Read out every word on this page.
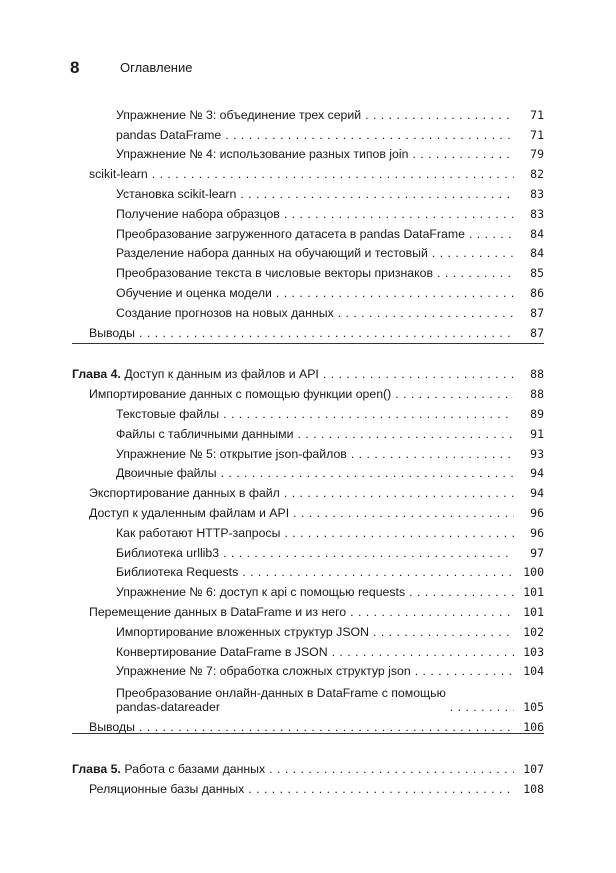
8	Оглавление
Упражнение № 3: объединение трех серий . . .	71
pandas DataFrame . . .	71
Упражнение № 4: использование разных типов join . . .	79
scikit-learn . . .	82
Установка scikit-learn . . .	83
Получение набора образцов . . .	83
Преобразование загруженного датасета в pandas DataFrame . . .	84
Разделение набора данных на обучающий и тестовый . . .	84
Преобразование текста в числовые векторы признаков . . .	85
Обучение и оценка модели . . .	86
Создание прогнозов на новых данных . . .	87
Выводы . . .	87
Глава 4. Доступ к данным из файлов и API . . .	88
Импортирование данных с помощью функции open() . . .	88
Текстовые файлы . . .	89
Файлы с табличными данными . . .	91
Упражнение № 5: открытие json-файлов . . .	93
Двоичные файлы . . .	94
Экспортирование данных в файл . . .	94
Доступ к удаленным файлам и API . . .	96
Как работают HTTP-запросы . . .	96
Библиотека urllib3 . . .	97
Библиотека Requests . . .	100
Упражнение № 6: доступ к api с помощью requests . . .	101
Перемещение данных в DataFrame и из него . . .	101
Импортирование вложенных структур JSON . . .	102
Конвертирование DataFrame в JSON . . .	103
Упражнение № 7: обработка сложных структур json . . .	104
Преобразование онлайн-данных в DataFrame с помощью
pandas-datareader . . .	105
Выводы . . .	106
Глава 5. Работа с базами данных . . .	107
Реляционные базы данных . . .	108
